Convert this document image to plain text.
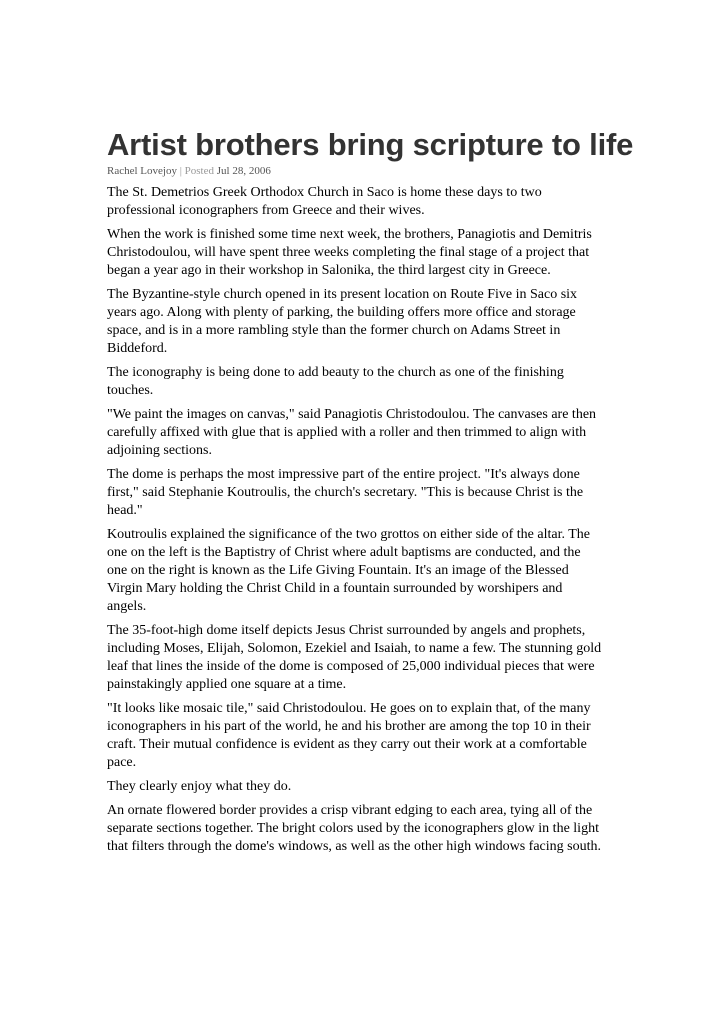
Artist brothers bring scripture to life
Rachel Lovejoy | Posted Jul 28, 2006

The St. Demetrios Greek Orthodox Church in Saco is home these days to two professional iconographers from Greece and their wives.

When the work is finished some time next week, the brothers, Panagiotis and Demitris Christodoulou, will have spent three weeks completing the final stage of a project that began a year ago in their workshop in Salonika, the third largest city in Greece.

The Byzantine-style church opened in its present location on Route Five in Saco six years ago. Along with plenty of parking, the building offers more office and storage space, and is in a more rambling style than the former church on Adams Street in Biddeford.

The iconography is being done to add beauty to the church as one of the finishing touches.

"We paint the images on canvas," said Panagiotis Christodoulou. The canvases are then carefully affixed with glue that is applied with a roller and then trimmed to align with adjoining sections.

The dome is perhaps the most impressive part of the entire project. "It's always done first," said Stephanie Koutroulis, the church's secretary. "This is because Christ is the head."

Koutroulis explained the significance of the two grottos on either side of the altar. The one on the left is the Baptistry of Christ where adult baptisms are conducted, and the one on the right is known as the Life Giving Fountain. It's an image of the Blessed Virgin Mary holding the Christ Child in a fountain surrounded by worshipers and angels.

The 35-foot-high dome itself depicts Jesus Christ surrounded by angels and prophets, including Moses, Elijah, Solomon, Ezekiel and Isaiah, to name a few. The stunning gold leaf that lines the inside of the dome is composed of 25,000 individual pieces that were painstakingly applied one square at a time.

"It looks like mosaic tile," said Christodoulou. He goes on to explain that, of the many iconographers in his part of the world, he and his brother are among the top 10 in their craft. Their mutual confidence is evident as they carry out their work at a comfortable pace.

They clearly enjoy what they do.

An ornate flowered border provides a crisp vibrant edging to each area, tying all of the separate sections together. The bright colors used by the iconographers glow in the light that filters through the dome's windows, as well as the other high windows facing south.
